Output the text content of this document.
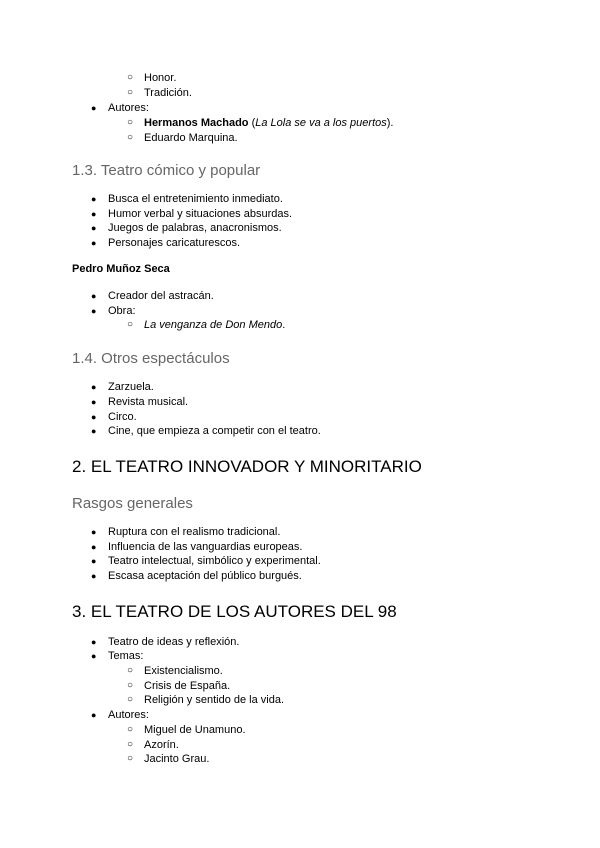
○ Honor.
○ Tradición.
● Autores:
○ Hermanos Machado (La Lola se va a los puertos).
○ Eduardo Marquina.
1.3. Teatro cómico y popular
● Busca el entretenimiento inmediato.
● Humor verbal y situaciones absurdas.
● Juegos de palabras, anacronismos.
● Personajes caricaturescos.
Pedro Muñoz Seca
● Creador del astracán.
● Obra:
○ La venganza de Don Mendo.
1.4. Otros espectáculos
● Zarzuela.
● Revista musical.
● Circo.
● Cine, que empieza a competir con el teatro.
2. EL TEATRO INNOVADOR Y MINORITARIO
Rasgos generales
● Ruptura con el realismo tradicional.
● Influencia de las vanguardias europeas.
● Teatro intelectual, simbólico y experimental.
● Escasa aceptación del público burgués.
3. EL TEATRO DE LOS AUTORES DEL 98
● Teatro de ideas y reflexión.
● Temas:
○ Existencialismo.
○ Crisis de España.
○ Religión y sentido de la vida.
● Autores:
○ Miguel de Unamuno.
○ Azorín.
○ Jacinto Grau.
